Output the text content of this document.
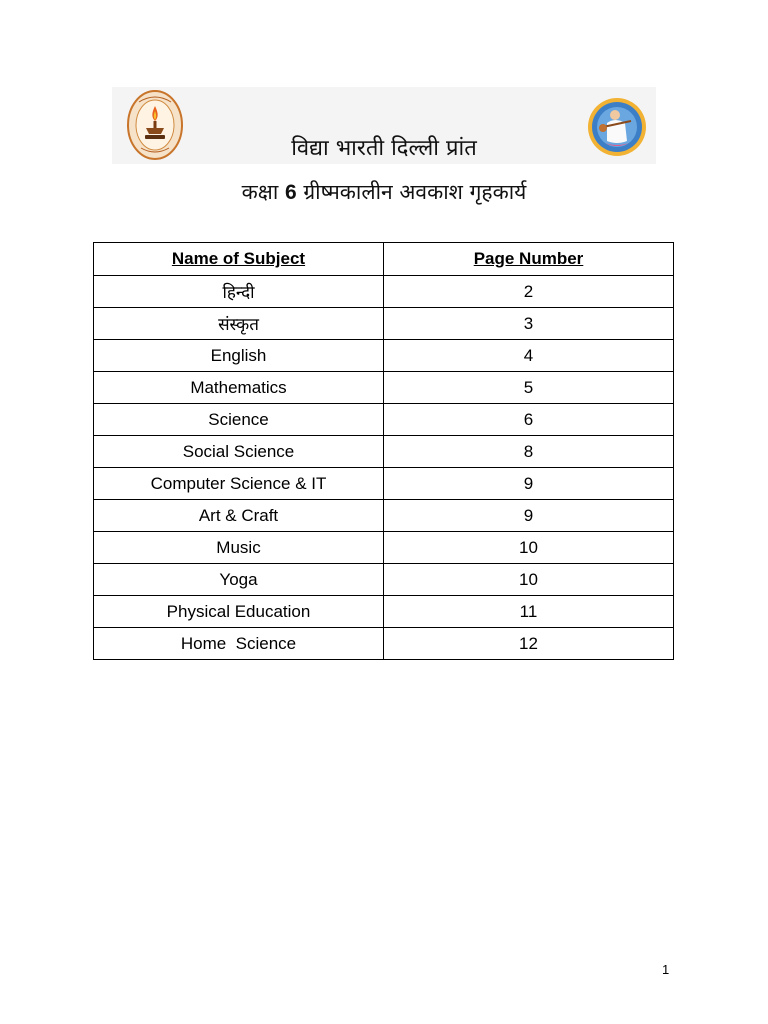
विद्या भारती दिल्ली प्रांत
कक्षा 6 ग्रीष्मकालीन अवकाश गृहकार्य
Name of Subject	Page Number
हिन्दी	2
संस्कृत	3
English	4
Mathematics	5
Science	6
Social Science	8
Computer Science & IT	9
Art & Craft	9
Music	10
Yoga	10
Physical Education	11
Home  Science	12
1
